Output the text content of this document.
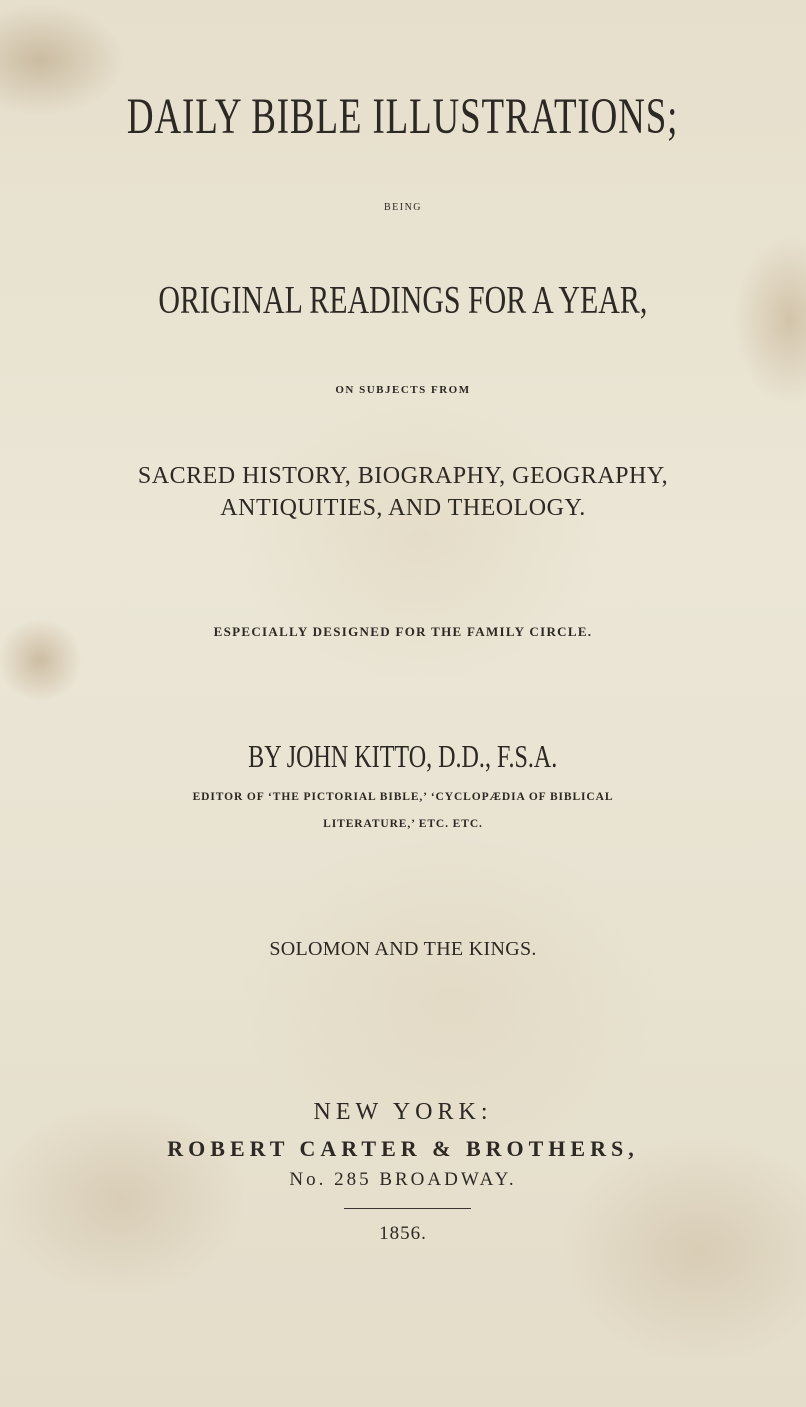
DAILY BIBLE ILLUSTRATIONS;
BEING
ORIGINAL READINGS FOR A YEAR,
ON SUBJECTS FROM
SACRED HISTORY, BIOGRAPHY, GEOGRAPHY,
ANTIQUITIES, AND THEOLOGY.
ESPECIALLY DESIGNED FOR THE FAMILY CIRCLE.
BY JOHN KITTO, D.D., F.S.A.
EDITOR OF ‘THE PICTORIAL BIBLE,’ ‘CYCLOPÆDIA OF BIBLICAL
LITERATURE,’ ETC. ETC.
SOLOMON AND THE KINGS.
NEW YORK:
ROBERT CARTER & BROTHERS,
No. 285 BROADWAY.
1856.
